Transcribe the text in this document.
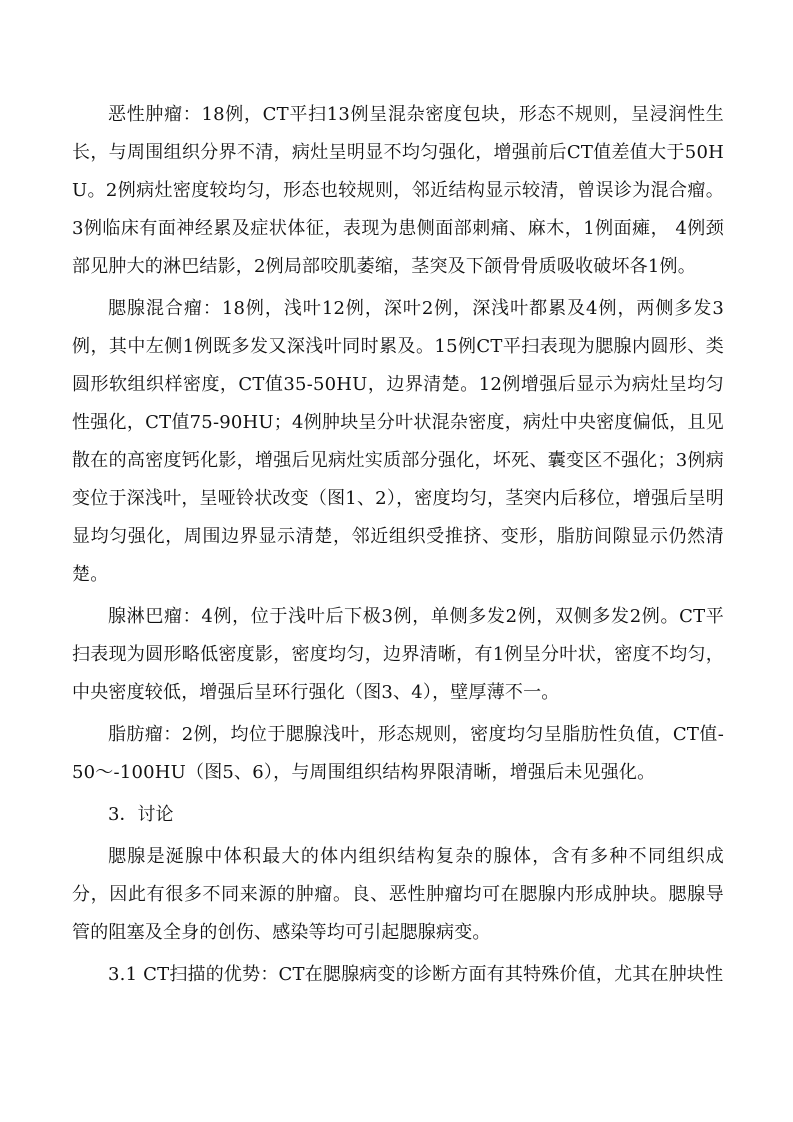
恶性肿瘤：18例，CT平扫13例呈混杂密度包块，形态不规则，呈浸润性生长，与周围组织分界不清，病灶呈明显不均匀强化，增强前后CT值差值大于50HU。2例病灶密度较均匀，形态也较规则，邻近结构显示较清，曾误诊为混合瘤。3例临床有面神经累及症状体征，表现为患侧面部刺痛、麻木，1例面瘫， 4例颈部见肿大的淋巴结影，2例局部咬肌萎缩，茎突及下颌骨骨质吸收破坏各1例。

腮腺混合瘤：18例，浅叶12例，深叶2例，深浅叶都累及4例，两侧多发3例，其中左侧1例既多发又深浅叶同时累及。15例CT平扫表现为腮腺内圆形、类圆形软组织样密度，CT值35-50HU，边界清楚。12例增强后显示为病灶呈均匀性强化，CT值75-90HU；4例肿块呈分叶状混杂密度，病灶中央密度偏低，且见散在的高密度钙化影，增强后见病灶实质部分强化，坏死、囊变区不强化；3例病变位于深浅叶，呈哑铃状改变（图1、2），密度均匀，茎突内后移位，增强后呈明显均匀强化，周围边界显示清楚，邻近组织受推挤、变形，脂肪间隙显示仍然清楚。

腺淋巴瘤：4例，位于浅叶后下极3例，单侧多发2例，双侧多发2例。CT平扫表现为圆形略低密度影，密度均匀，边界清晰，有1例呈分叶状，密度不均匀，中央密度较低，增强后呈环行强化（图3、4），壁厚薄不一。

脂肪瘤：2例，均位于腮腺浅叶，形态规则，密度均匀呈脂肪性负值，CT值-50～-100HU（图5、6），与周围组织结构界限清晰，增强后未见强化。

3．讨论

腮腺是涎腺中体积最大的体内组织结构复杂的腺体，含有多种不同组织成分，因此有很多不同来源的肿瘤。良、恶性肿瘤均可在腮腺内形成肿块。腮腺导管的阻塞及全身的创伤、感染等均可引起腮腺病变。

3.1 CT扫描的优势：CT在腮腺病变的诊断方面有其特殊价值，尤其在肿块性
